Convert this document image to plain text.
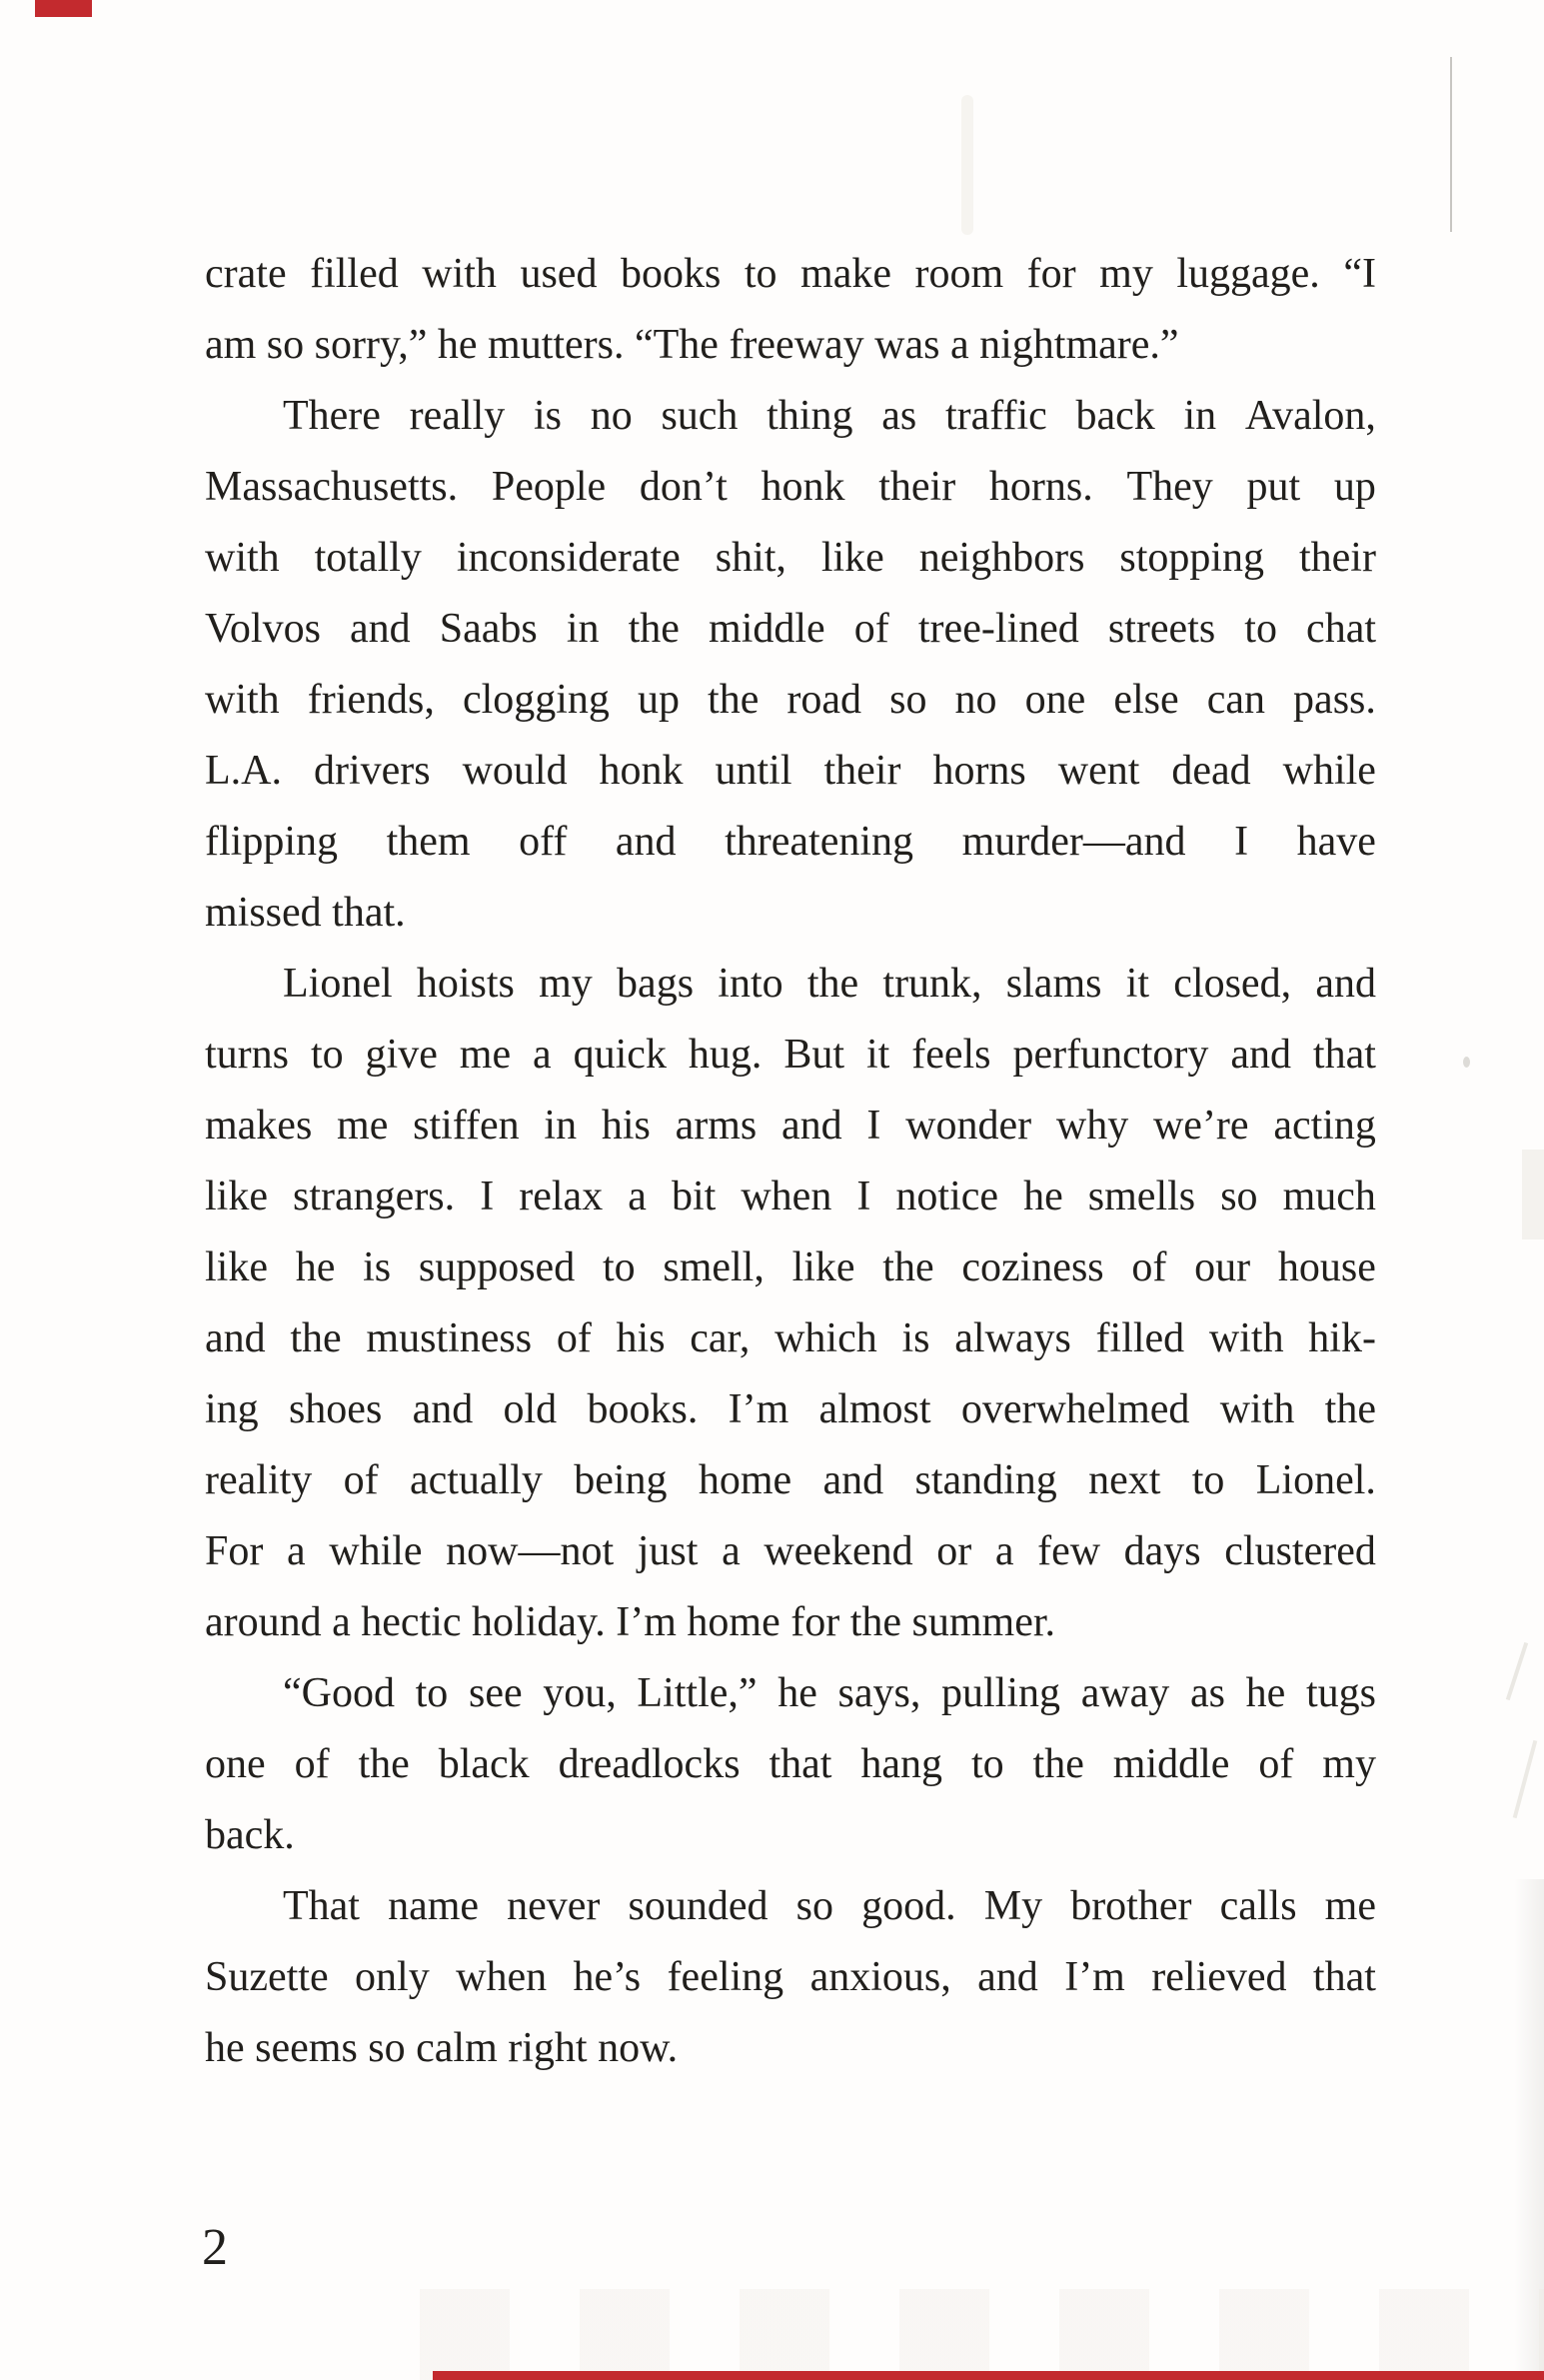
crate filled with used books to make room for my luggage. “I
am so sorry,” he mutters. “The freeway was a nightmare.”
There really is no such thing as traffic back in Avalon,
Massachusetts. People don’t honk their horns. They put up
with totally inconsiderate shit, like neighbors stopping their
Volvos and Saabs in the middle of tree-lined streets to chat
with friends, clogging up the road so no one else can pass.
L.A. drivers would honk until their horns went dead while
flipping them off and threatening murder—and I have
missed that.
Lionel hoists my bags into the trunk, slams it closed, and
turns to give me a quick hug. But it feels perfunctory and that
makes me stiffen in his arms and I wonder why we’re acting
like strangers. I relax a bit when I notice he smells so much
like he is supposed to smell, like the coziness of our house
and the mustiness of his car, which is always filled with hik-
ing shoes and old books. I’m almost overwhelmed with the
reality of actually being home and standing next to Lionel.
For a while now—not just a weekend or a few days clustered
around a hectic holiday. I’m home for the summer.
“Good to see you, Little,” he says, pulling away as he tugs
one of the black dreadlocks that hang to the middle of my
back.
That name never sounded so good. My brother calls me
Suzette only when he’s feeling anxious, and I’m relieved that
he seems so calm right now.
2
